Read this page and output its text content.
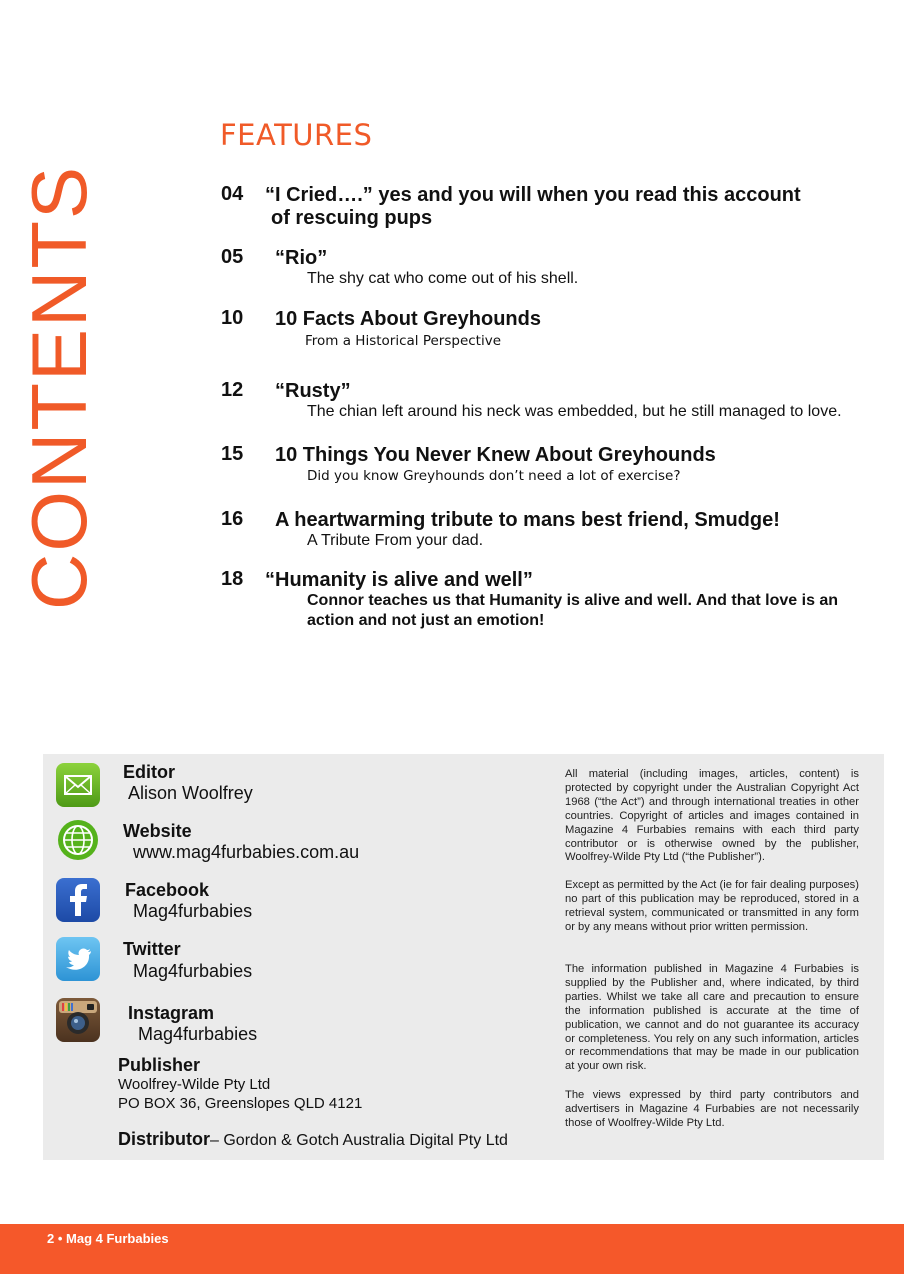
CONTENTS
FEATURES
04 “I Cried….” yes and you will when you read this account
of rescuing pups
05 “Rio”
The shy cat who come out of his shell.
10 10 Facts About Greyhounds
From a Historical Perspective
12 “Rusty”
The chian left around his neck was embedded, but he still managed to love.
15 10 Things You Never Knew About Greyhounds
Did you know Greyhounds don’t need a lot of exercise?
16 A heartwarming tribute to mans best friend, Smudge!
A Tribute From your dad.
18 “Humanity is alive and well”
Connor teaches us that Humanity is alive and well. And that love is an action and not just an emotion!
Editor
Alison Woolfrey
Website
www.mag4furbabies.com.au
Facebook
Mag4furbabies
Twitter
Mag4furbabies
Instagram
Mag4furbabies
Publisher
Woolfrey-Wilde Pty Ltd
PO BOX 36, Greenslopes QLD 4121
Distributor– Gordon & Gotch Australia Digital Pty Ltd

All material (including images, articles, content) is protected by copyright under the Australian Copyright Act 1968 (“the Act”) and through international treaties in other countries. Copyright of articles and images contained in Magazine 4 Furbabies remains with each third party contributor or is otherwise owned by the publisher, Woolfrey-Wilde Pty Ltd (“the Publisher”).

Except as permitted by the Act (ie for fair dealing purposes) no part of this publication may be reproduced, stored in a retrieval system, communicated or transmitted in any form or by any means without prior written permission.

The information published in Magazine 4 Furbabies is supplied by the Publisher and, where indicated, by third parties. Whilst we take all care and precaution to ensure the information published is accurate at the time of publication, we cannot and do not guarantee its accuracy or completeness. You rely on any such information, articles or recommendations that may be made in our publication at your own risk.

The views expressed by third party contributors and advertisers in Magazine 4 Furbabies are not necessarily those of Woolfrey-Wilde Pty Ltd.

2 • Mag 4 Furbabies
